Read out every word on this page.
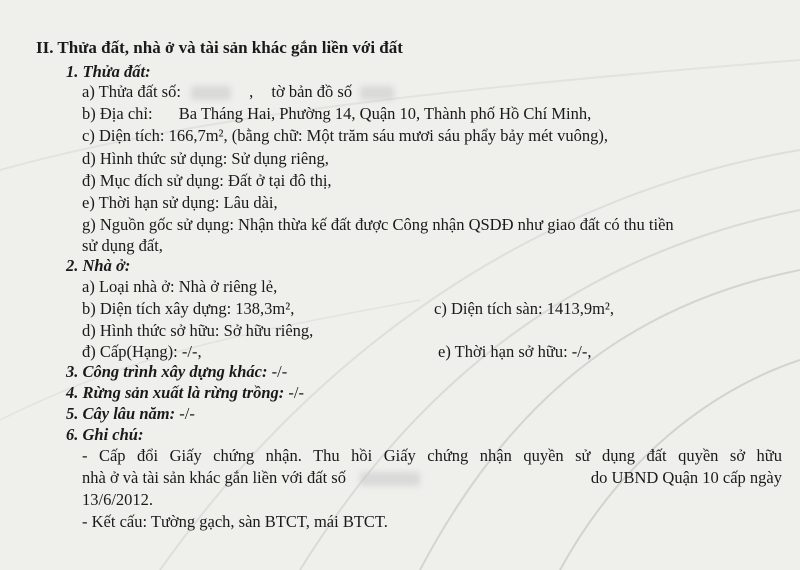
II. Thửa đất, nhà ở và tài sản khác gắn liền với đất
1. Thửa đất:
a) Thửa đất số:	, tờ bản đồ số
b) Địa chỉ: Ba Tháng Hai, Phường 14, Quận 10, Thành phố Hồ Chí Minh,
c) Diện tích: 166,7m², (bằng chữ: Một trăm sáu mươi sáu phẩy bảy mét vuông),
d) Hình thức sử dụng: Sử dụng riêng,
đ) Mục đích sử dụng: Đất ở tại đô thị,
e) Thời hạn sử dụng: Lâu dài,
g) Nguồn gốc sử dụng: Nhận thừa kế đất được Công nhận QSDĐ như giao đất có thu tiền
sử dụng đất,
2. Nhà ở:
a) Loại nhà ở: Nhà ở riêng lẻ,
b) Diện tích xây dựng: 138,3m²,	c) Diện tích sàn: 1413,9m²,
d) Hình thức sở hữu: Sở hữu riêng,
đ) Cấp(Hạng): -/-,	e) Thời hạn sở hữu: -/-,
3. Công trình xây dựng khác: -/-
4. Rừng sản xuất là rừng trồng: -/-
5. Cây lâu năm: -/-
6. Ghi chú:
- Cấp đổi Giấy chứng nhận. Thu hồi Giấy chứng nhận quyền sử dụng đất quyền sở hữu
nhà ở và tài sản khác gắn liền với đất số	do UBND Quận 10 cấp ngày
13/6/2012.
- Kết cấu: Tường gạch, sàn BTCT, mái BTCT.
